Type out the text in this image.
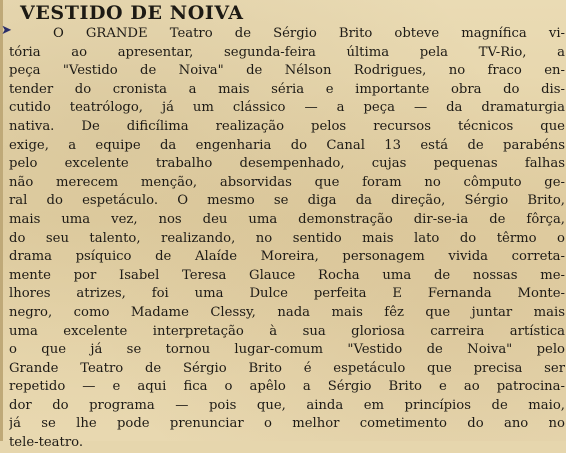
VESTIDO DE NOIVA
➤	O GRANDE Teatro de Sérgio Brito obteve magnífica vi-
tória ao apresentar, segunda-feira última pela TV-Rio, a
peça "Vestido de Noiva" de Nélson Rodrigues, no fraco en-
tender do cronista a mais séria e importante obra do dis-
cutido teatrólogo, já um clássico — a peça — da dramaturgia
nativa. De dificílima realização pelos recursos técnicos que
exige, a equipe da engenharia do Canal 13 está de parabéns
pelo excelente trabalho desempenhado, cujas pequenas falhas
não merecem menção, absorvidas que foram no cômputo ge-
ral do espetáculo. O mesmo se diga da direção, Sérgio Brito,
mais uma vez, nos deu uma demonstração dir-se-ia de fôrça,
do seu talento, realizando, no sentido mais lato do têrmo o
drama psíquico de Alaíde Moreira, personagem vivida correta-
mente por Isabel Teresa Glauce Rocha uma de nossas me-
lhores atrizes, foi uma Dulce perfeita E Fernanda Monte-
negro, como Madame Clessy, nada mais fêz que juntar mais
uma excelente interpretação à sua gloriosa carreira artística
o que já se tornou lugar-comum "Vestido de Noiva" pelo
Grande Teatro de Sérgio Brito é espetáculo que precisa ser
repetido — e aqui fica o apêlo a Sérgio Brito e ao patrocina-
dor do programa — pois que, ainda em princípios de maio,
já se lhe pode prenunciar o melhor cometimento do ano no
tele-teatro.
